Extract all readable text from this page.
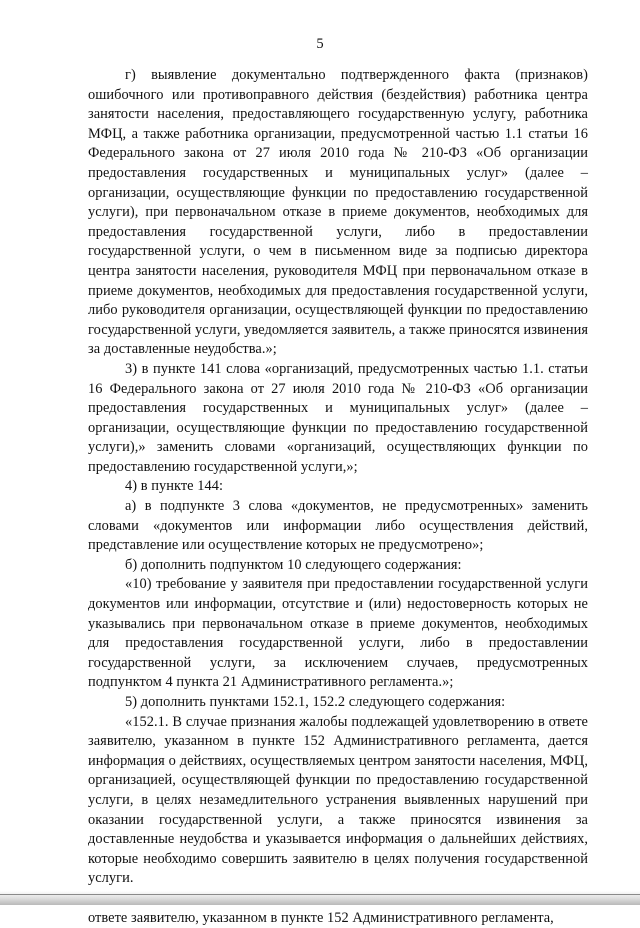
5

г) выявление документально подтвержденного факта (признаков) ошибочного или противоправного действия (бездействия) работника центра занятости населения, предоставляющего государственную услугу, работника МФЦ, а также работника организации, предусмотренной частью 1.1 статьи 16 Федерального закона от 27 июля 2010 года № 210-ФЗ «Об организации предоставления государственных и муниципальных услуг» (далее – организации, осуществляющие функции по предоставлению государственной услуги), при первоначальном отказе в приеме документов, необходимых для предоставления государственной услуги, либо в предоставлении государственной услуги, о чем в письменном виде за подписью директора центра занятости населения, руководителя МФЦ при первоначальном отказе в приеме документов, необходимых для предоставления государственной услуги, либо руководителя организации, осуществляющей функции по предоставлению государственной услуги, уведомляется заявитель, а также приносятся извинения за доставленные неудобства.»;

3) в пункте 141 слова «организаций, предусмотренных частью 1.1. статьи 16 Федерального закона от 27 июля 2010 года № 210-ФЗ «Об организации предоставления государственных и муниципальных услуг» (далее – организации, осуществляющие функции по предоставлению государственной услуги),» заменить словами «организаций, осуществляющих функции по предоставлению государственной услуги,»;

4) в пункте 144:

а) в подпункте 3 слова «документов, не предусмотренных» заменить словами «документов или информации либо осуществления действий, представление или осуществление которых не предусмотрено»;

б) дополнить подпунктом 10 следующего содержания:

«10) требование у заявителя при предоставлении государственной услуги документов или информации, отсутствие и (или) недостоверность которых не указывались при первоначальном отказе в приеме документов, необходимых для предоставления государственной услуги, либо в предоставлении государственной услуги, за исключением случаев, предусмотренных подпунктом 4 пункта 21 Административного регламента.»;

5) дополнить пунктами 152.1, 152.2 следующего содержания:

«152.1. В случае признания жалобы подлежащей удовлетворению в ответе заявителю, указанном в пункте 152 Административного регламента, дается информация о действиях, осуществляемых центром занятости населения, МФЦ, организацией, осуществляющей функции по предоставлению государственной услуги, в целях незамедлительного устранения выявленных нарушений при оказании государственной услуги, а также приносятся извинения за доставленные неудобства и указывается информация о дальнейших действиях, которые необходимо совершить заявителю в целях получения государственной услуги.

ответе заявителю, указанном в пункте 152 Административного регламента,
